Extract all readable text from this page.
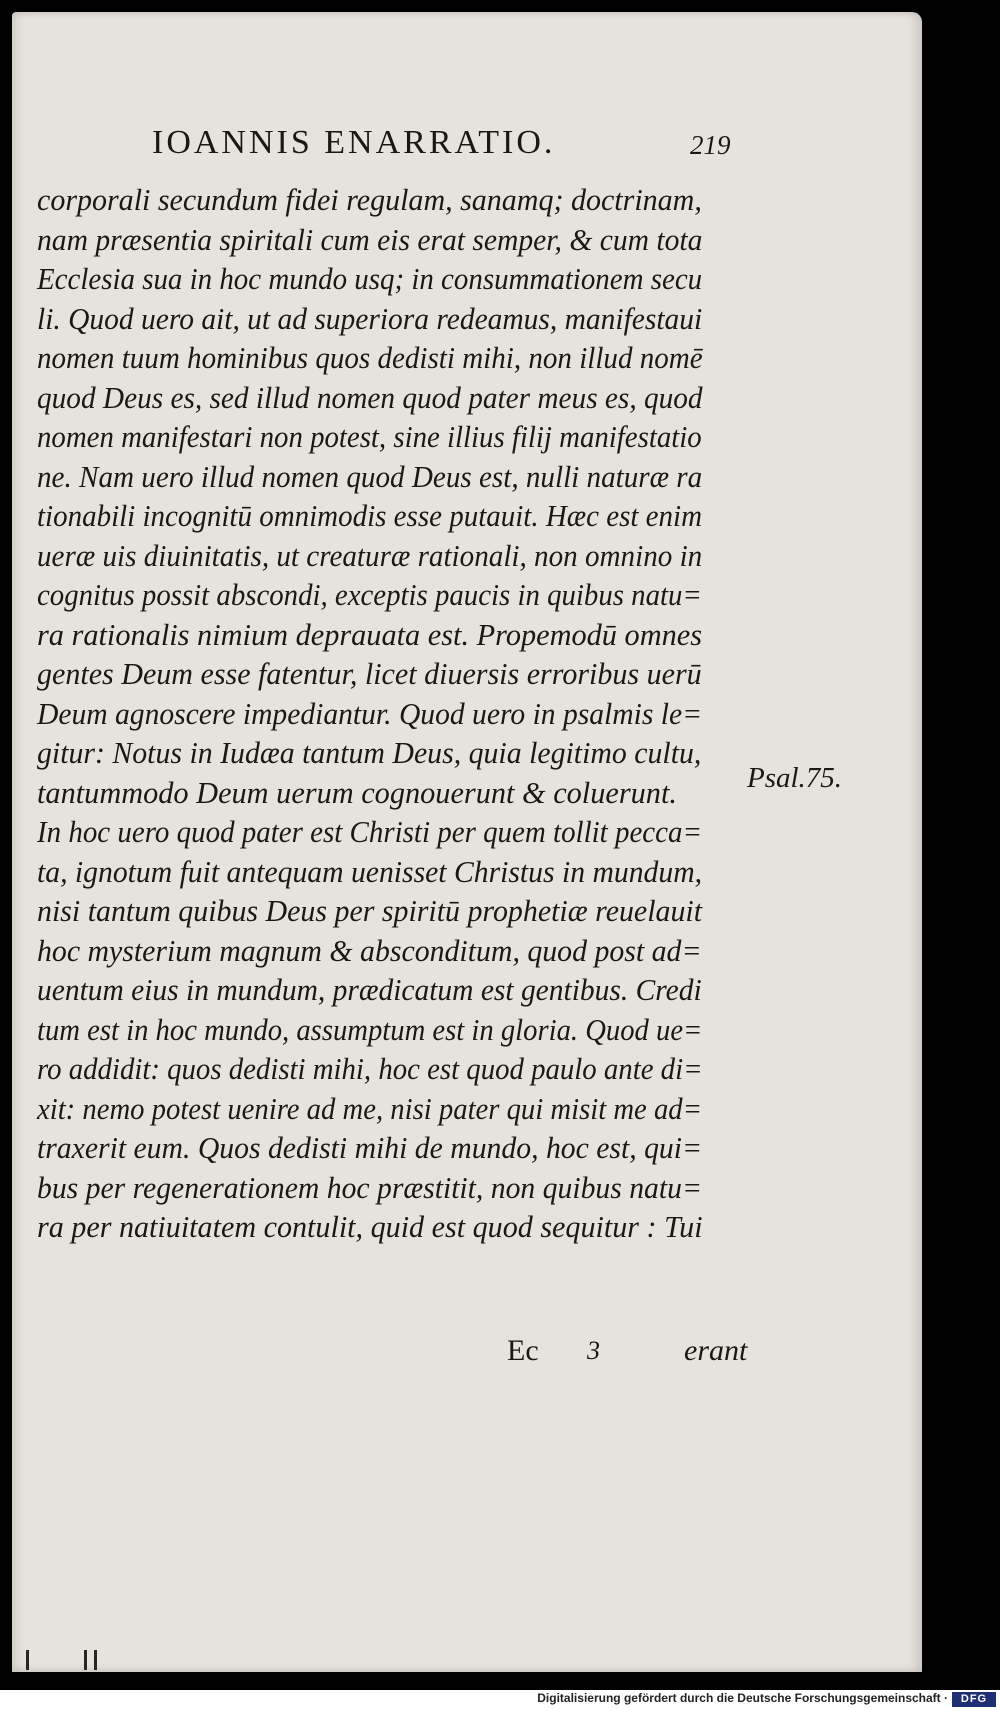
IOANNIS ENARRATIO.	219
corporali secundum fidei regulam, sanamq; doctrinam,
nam præsentia spiritali cum eis erat semper, & cum tota
Ecclesia sua in hoc mundo usq; in consummationem secu
li. Quod uero ait, ut ad superiora redeamus, manifestaui
nomen tuum hominibus quos dedisti mihi, non illud nomē
quod Deus es, sed illud nomen quod pater meus es, quod
nomen manifestari non potest, sine illius filij manifestatio
ne. Nam uero illud nomen quod Deus est, nulli naturæ ra
tionabili incognitū omnimodis esse putauit. Hæc est enim
ueræ uis diuinitatis, ut creaturæ rationali, non omnino in
cognitus possit abscondi, exceptis paucis in quibus natu=
ra rationalis nimium deprauata est. Propemodū omnes
gentes Deum esse fatentur, licet diuersis erroribus uerū
Deum agnoscere impediantur. Quod uero in psalmis le=
gitur: Notus in Iudæa tantum Deus, quia legitimo cultu,
tantummodo Deum uerum cognouerunt & coluerunt.
In hoc uero quod pater est Christi per quem tollit pecca=
ta, ignotum fuit antequam uenisset Christus in mundum,
nisi tantum quibus Deus per spiritū prophetiæ reuelauit
hoc mysterium magnum & absconditum, quod post ad=
uentum eius in mundum, prædicatum est gentibus. Credi
tum est in hoc mundo, assumptum est in gloria. Quod ue=
ro addidit: quos dedisti mihi, hoc est quod paulo ante di=
xit: nemo potest uenire ad me, nisi pater qui misit me ad=
traxerit eum. Quos dedisti mihi de mundo, hoc est, qui=
bus per regenerationem hoc præstitit, non quibus natu=
ra per natiuitatem contulit, quid est quod sequitur : Tui
Psal.75.
Ec 3	erant
Digitalisierung gefördert durch die Deutsche Forschungsgemeinschaft ·	DFG
